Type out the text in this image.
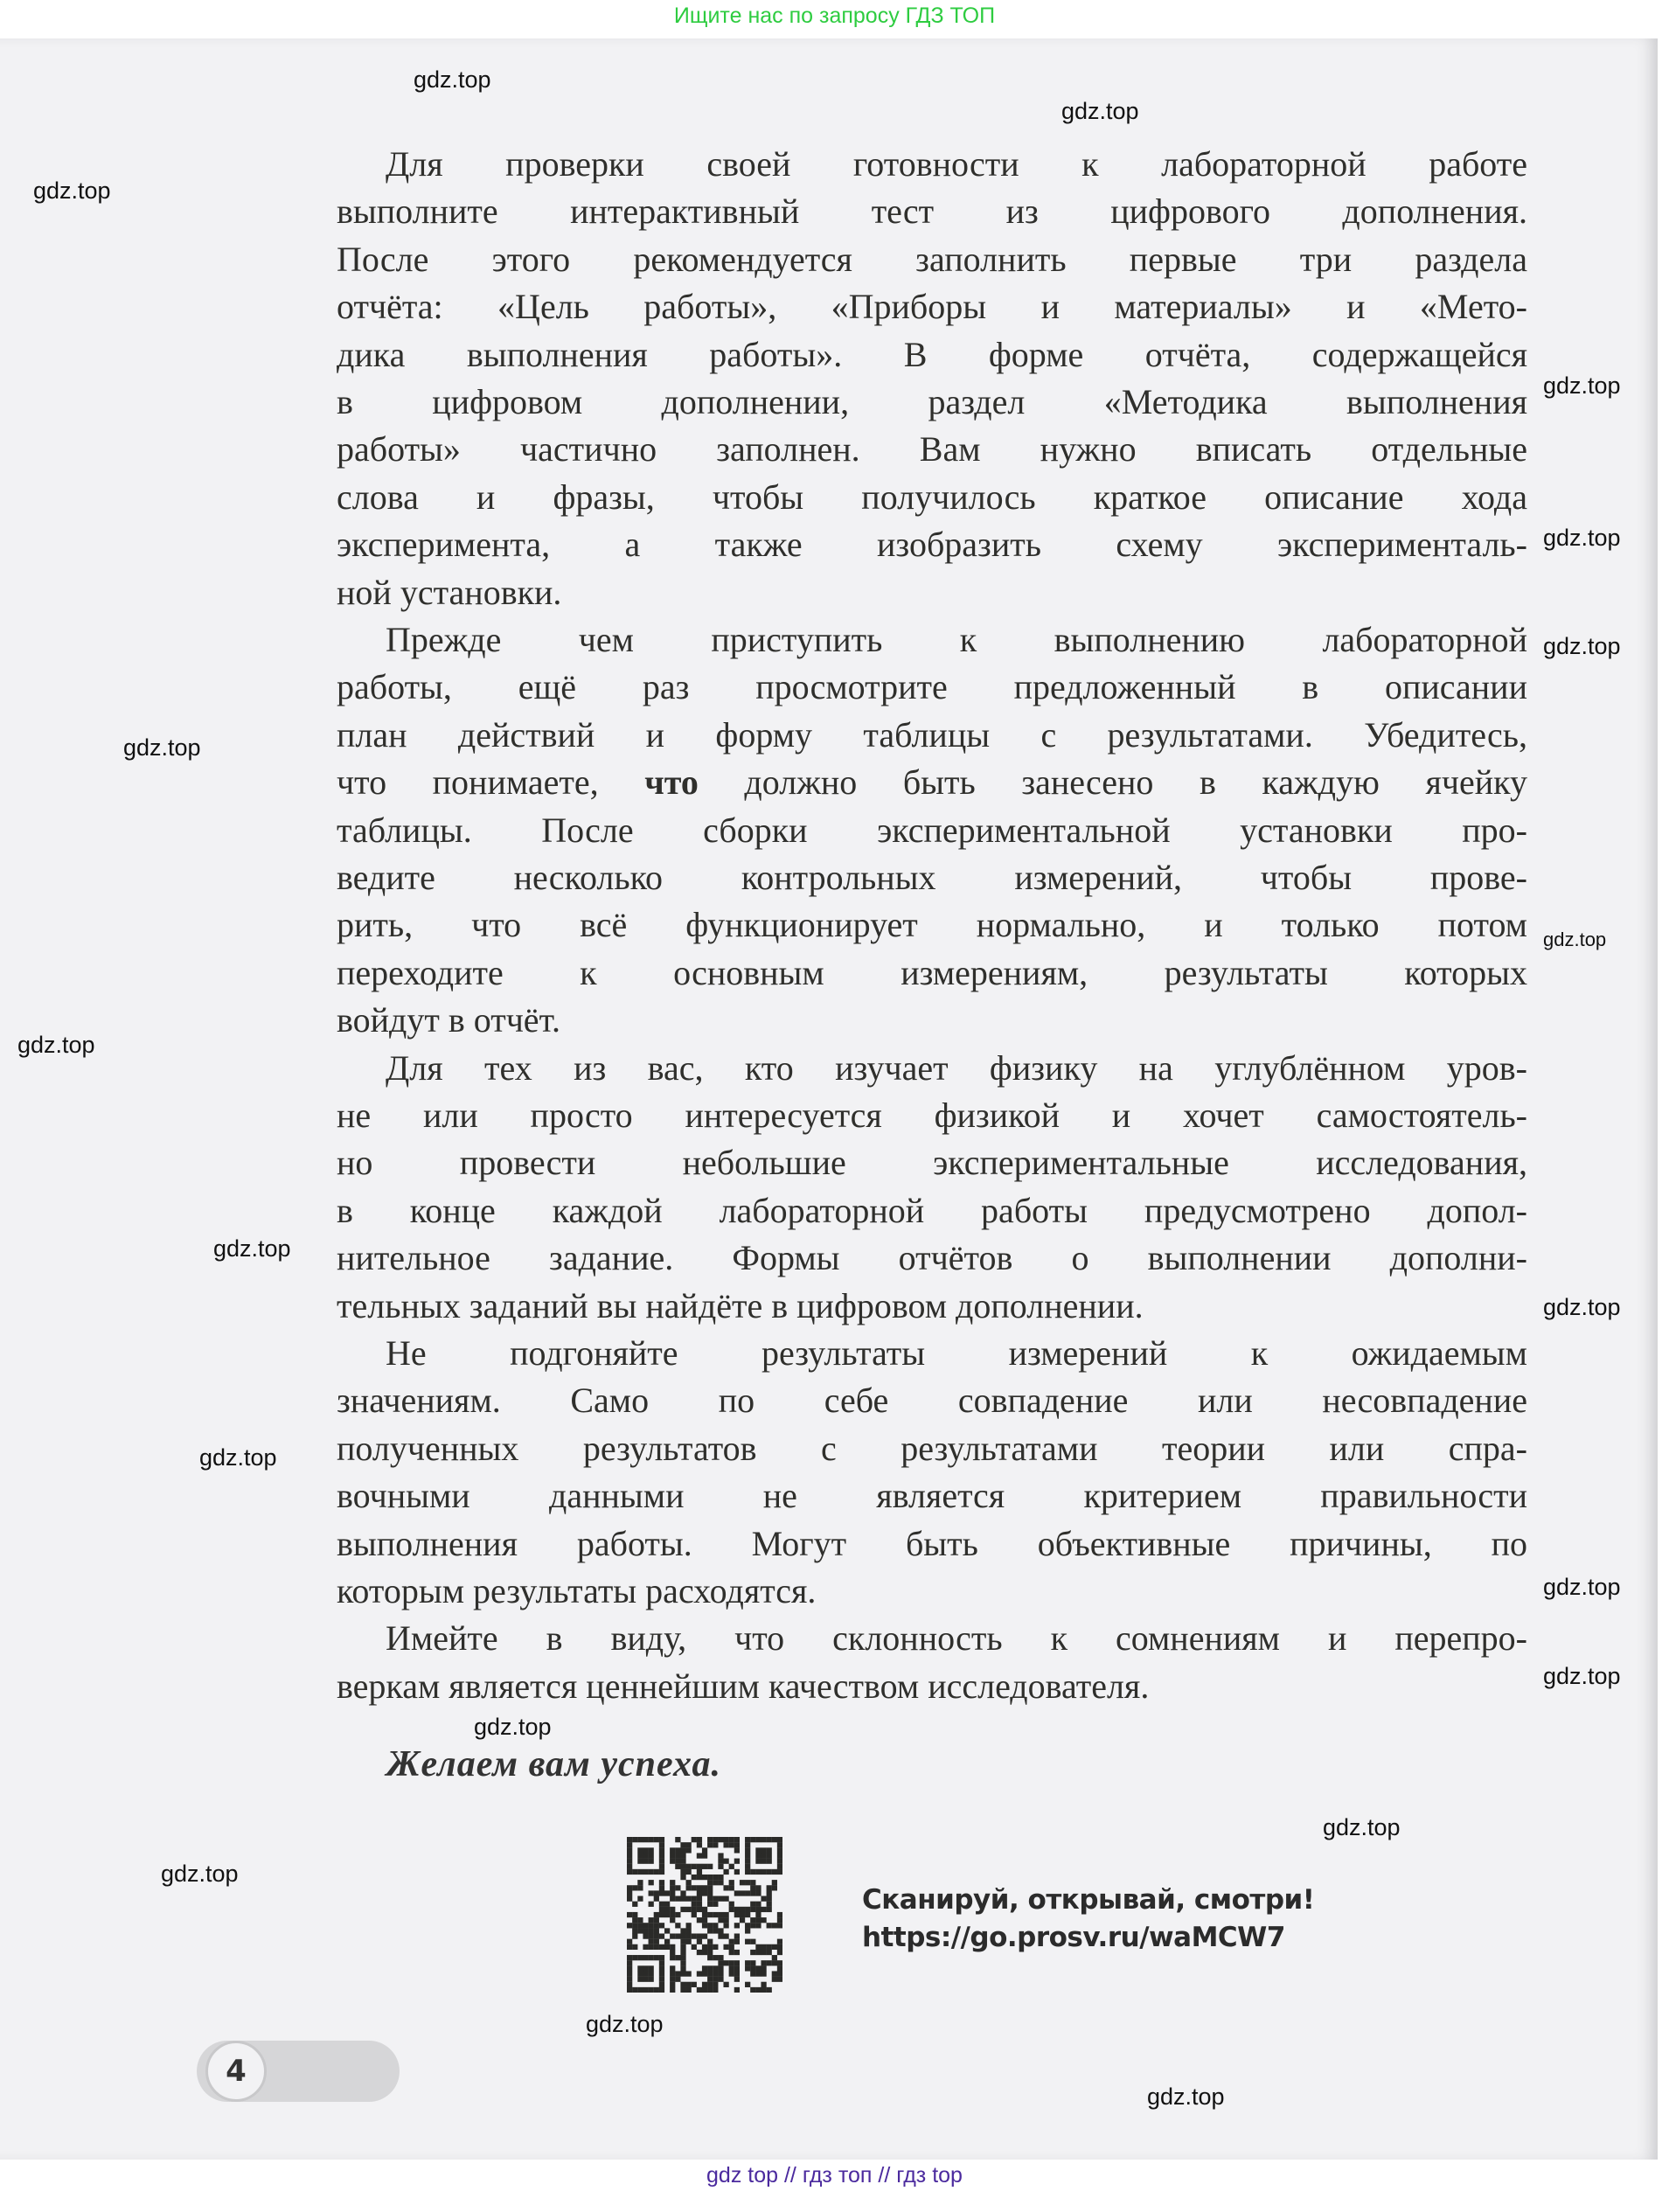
Ищите нас по запросу ГДЗ ТОП
Для проверки своей готовности к лабораторной работе
выполните интерактивный тест из цифрового дополнения.
После этого рекомендуется заполнить первые три раздела
отчёта: «Цель работы», «Приборы и материалы» и «Мето-
дика выполнения работы». В форме отчёта, содержащейся
в цифровом дополнении, раздел «Методика выполнения
работы» частично заполнен. Вам нужно вписать отдельные
слова и фразы, чтобы получилось краткое описание хода
эксперимента, а также изобразить схему эксперименталь-
ной установки.
Прежде чем приступить к выполнению лабораторной
работы, ещё раз просмотрите предложенный в описании
план действий и форму таблицы с результатами. Убедитесь,
что понимаете, что должно быть занесено в каждую ячейку
таблицы. После сборки экспериментальной установки про-
ведите несколько контрольных измерений, чтобы прове-
рить, что всё функционирует нормально, и только потом
переходите к основным измерениям, результаты которых
войдут в отчёт.
Для тех из вас, кто изучает физику на углублённом уров-
не или просто интересуется физикой и хочет самостоятель-
но провести небольшие экспериментальные исследования,
в конце каждой лабораторной работы предусмотрено допол-
нительное задание. Формы отчётов о выполнении дополни-
тельных заданий вы найдёте в цифровом дополнении.
Не подгоняйте результаты измерений к ожидаемым
значениям. Само по себе совпадение или несовпадение
полученных результатов с результатами теории или спра-
вочными данными не является критерием правильности
выполнения работы. Могут быть объективные причины, по
которым результаты расходятся.
Имейте в виду, что склонность к сомнениям и перепро-
веркам является ценнейшим качеством исследователя.
Желаем вам успеха.
Сканируй, открывай, смотри!
https://go.prosv.ru/waMCW7
4
gdz.top
gdz.top
gdz.top
gdz.top
gdz.top
gdz.top
gdz.top
gdz.top
gdz.top
gdz.top
gdz.top
gdz.top
gdz.top
gdz.top
gdz.top
gdz.top
gdz.top
gdz.top
gdz.top
gdz top // гдз топ // гдз top
